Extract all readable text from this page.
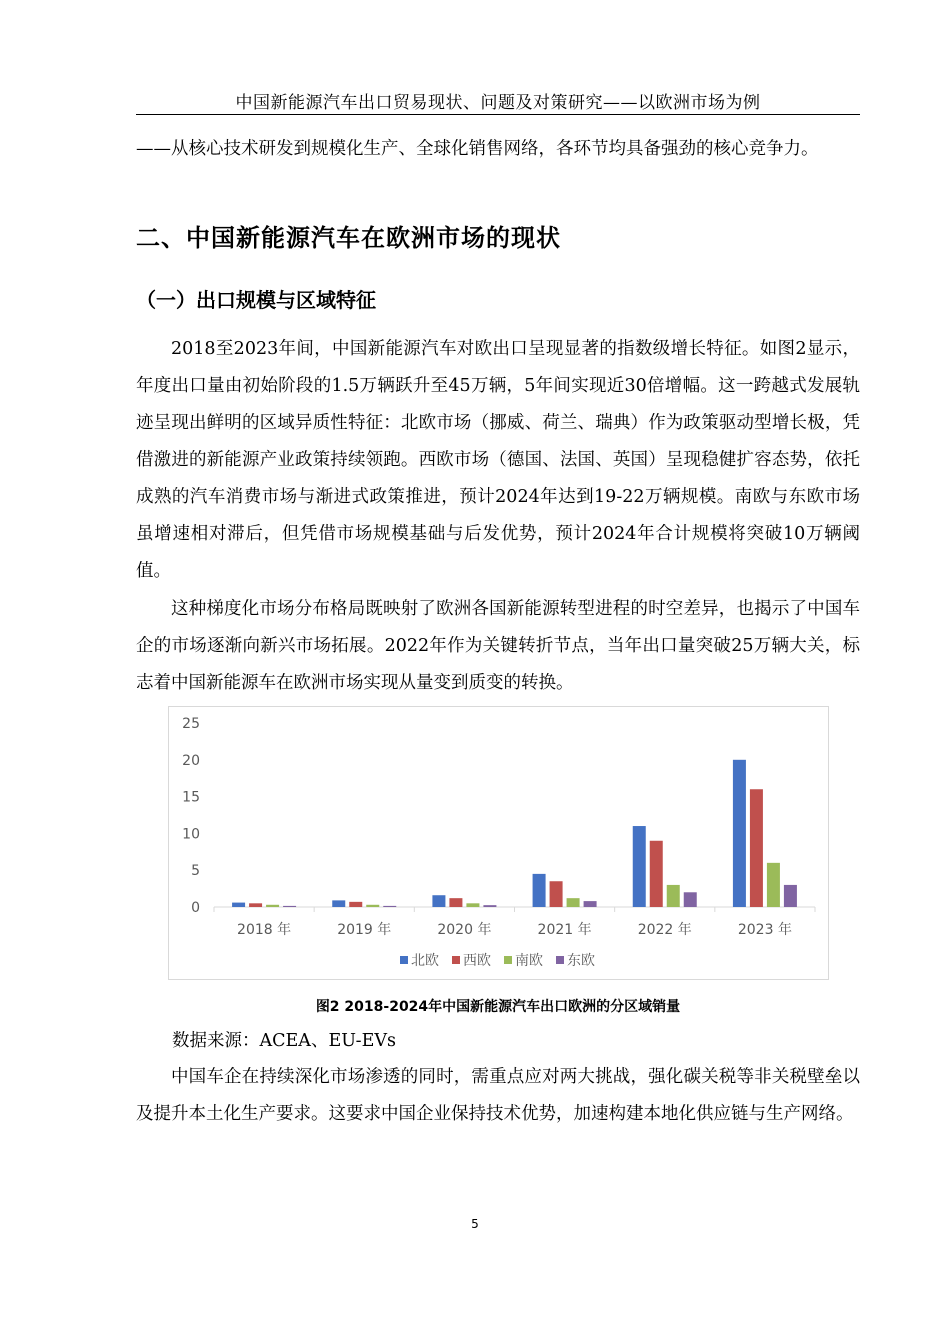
中国新能源汽车出口贸易现状、问题及对策研究——以欧洲市场为例

——从核心技术研发到规模化生产、全球化销售网络，各环节均具备强劲的核心竞争力。

二、中国新能源汽车在欧洲市场的现状
（一）出口规模与区域特征

2018至2023年间，中国新能源汽车对欧出口呈现显著的指数级增长特征。如图2显示，年度出口量由初始阶段的1.5万辆跃升至45万辆，5年间实现近30倍增幅。这一跨越式发展轨迹呈现出鲜明的区域异质性特征：北欧市场（挪威、荷兰、瑞典）作为政策驱动型增长极，凭借激进的新能源产业政策持续领跑。西欧市场（德国、法国、英国）呈现稳健扩容态势，依托成熟的汽车消费市场与渐进式政策推进，预计2024年达到19-22万辆规模。南欧与东欧市场虽增速相对滞后，但凭借市场规模基础与后发优势，预计2024年合计规模将突破10万辆阈值。

这种梯度化市场分布格局既映射了欧洲各国新能源转型进程的时空差异，也揭示了中国车企的市场逐渐向新兴市场拓展。2022年作为关键转折节点，当年出口量突破25万辆大关，标志着中国新能源车在欧洲市场实现从量变到质变的转换。

0
5
10
15
20
25
2018 年	2019 年	2020 年	2021 年	2022 年	2023 年
北欧 西欧 南欧 东欧
图2 2018-2024年中国新能源汽车出口欧洲的分区域销量
数据来源：ACEA、EU-EVs

中国车企在持续深化市场渗透的同时，需重点应对两大挑战，强化碳关税等非关税壁垒以及提升本土化生产要求。这要求中国企业保持技术优势，加速构建本地化供应链与生产网络。

5
